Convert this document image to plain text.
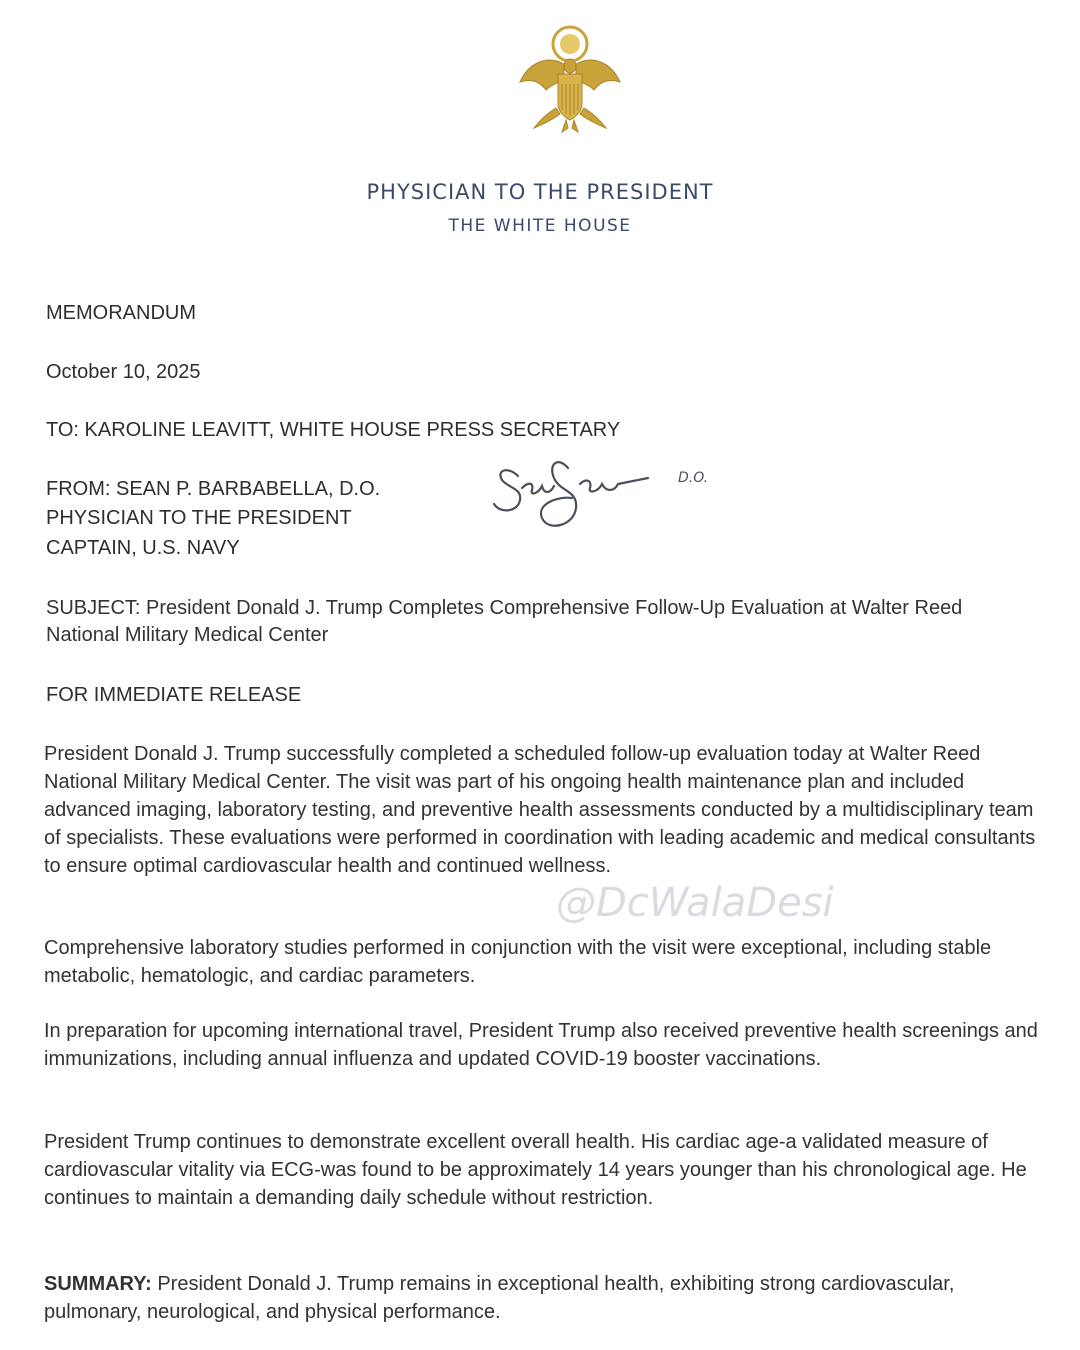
PHYSICIAN TO THE PRESIDENT
THE WHITE HOUSE
MEMORANDUM
October 10, 2025
TO: KAROLINE LEAVITT, WHITE HOUSE PRESS SECRETARY
FROM: SEAN P. BARBABELLA, D.O.
PHYSICIAN TO THE PRESIDENT
CAPTAIN, U.S. NAVY
D.O.
SUBJECT: President Donald J. Trump Completes Comprehensive Follow-Up Evaluation at Walter Reed National Military Medical Center
FOR IMMEDIATE RELEASE
President Donald J. Trump successfully completed a scheduled follow-up evaluation today at Walter Reed National Military Medical Center. The visit was part of his ongoing health maintenance plan and included advanced imaging, laboratory testing, and preventive health assessments conducted by a multidisciplinary team of specialists. These evaluations were performed in coordination with leading academic and medical consultants to ensure optimal cardiovascular health and continued wellness.
Comprehensive laboratory studies performed in conjunction with the visit were exceptional, including stable metabolic, hematologic, and cardiac parameters.
In preparation for upcoming international travel, President Trump also received preventive health screenings and immunizations, including annual influenza and updated COVID-19 booster vaccinations.
President Trump continues to demonstrate excellent overall health. His cardiac age-a validated measure of cardiovascular vitality via ECG-was found to be approximately 14 years younger than his chronological age. He continues to maintain a demanding daily schedule without restriction.
SUMMARY: President Donald J. Trump remains in exceptional health, exhibiting strong cardiovascular, pulmonary, neurological, and physical performance.
@DcWalaDesi
